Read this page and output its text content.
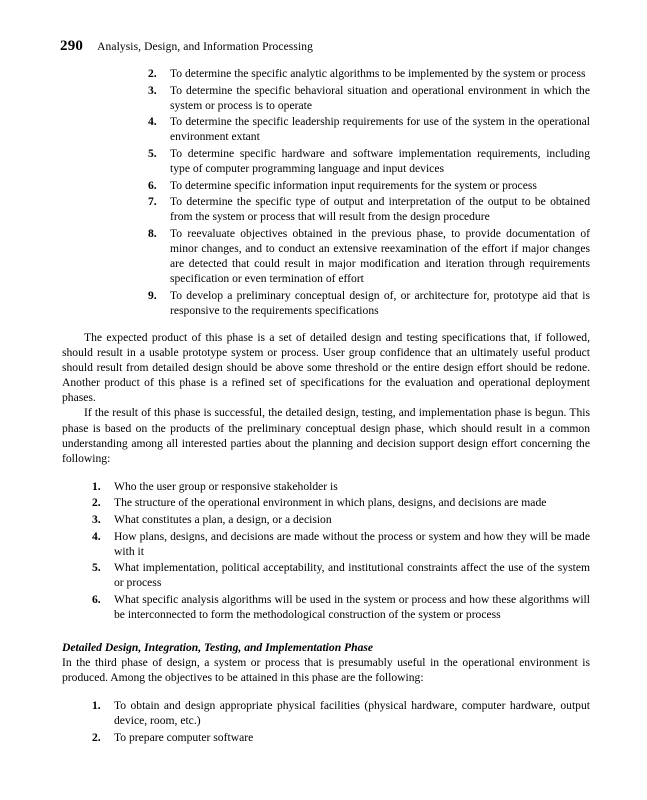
290 Analysis, Design, and Information Processing
2. To determine the specific analytic algorithms to be implemented by the system or process
3. To determine the specific behavioral situation and operational environment in which the system or process is to operate
4. To determine the specific leadership requirements for use of the system in the operational environment extant
5. To determine specific hardware and software implementation requirements, including type of computer programming language and input devices
6. To determine specific information input requirements for the system or process
7. To determine the specific type of output and interpretation of the output to be obtained from the system or process that will result from the design procedure
8. To reevaluate objectives obtained in the previous phase, to provide documentation of minor changes, and to conduct an extensive reexamination of the effort if major changes are detected that could result in major modification and iteration through requirements specification or even termination of effort
9. To develop a preliminary conceptual design of, or architecture for, prototype aid that is responsive to the requirements specifications

The expected product of this phase is a set of detailed design and testing specifications that, if followed, should result in a usable prototype system or process. User group confidence that an ultimately useful product should result from detailed design should be above some threshold or the entire design effort should be redone. Another product of this phase is a refined set of specifications for the evaluation and operational deployment phases.

If the result of this phase is successful, the detailed design, testing, and implementation phase is begun. This phase is based on the products of the preliminary conceptual design phase, which should result in a common understanding among all interested parties about the planning and decision support design effort concerning the following:

1. Who the user group or responsive stakeholder is
2. The structure of the operational environment in which plans, designs, and decisions are made
3. What constitutes a plan, a design, or a decision
4. How plans, designs, and decisions are made without the process or system and how they will be made with it
5. What implementation, political acceptability, and institutional constraints affect the use of the system or process
6. What specific analysis algorithms will be used in the system or process and how these algorithms will be interconnected to form the methodological construction of the system or process
Detailed Design, Integration, Testing, and Implementation Phase

In the third phase of design, a system or process that is presumably useful in the operational environment is produced. Among the objectives to be attained in this phase are the following:

1. To obtain and design appropriate physical facilities (physical hardware, computer hardware, output device, room, etc.)
2. To prepare computer software
